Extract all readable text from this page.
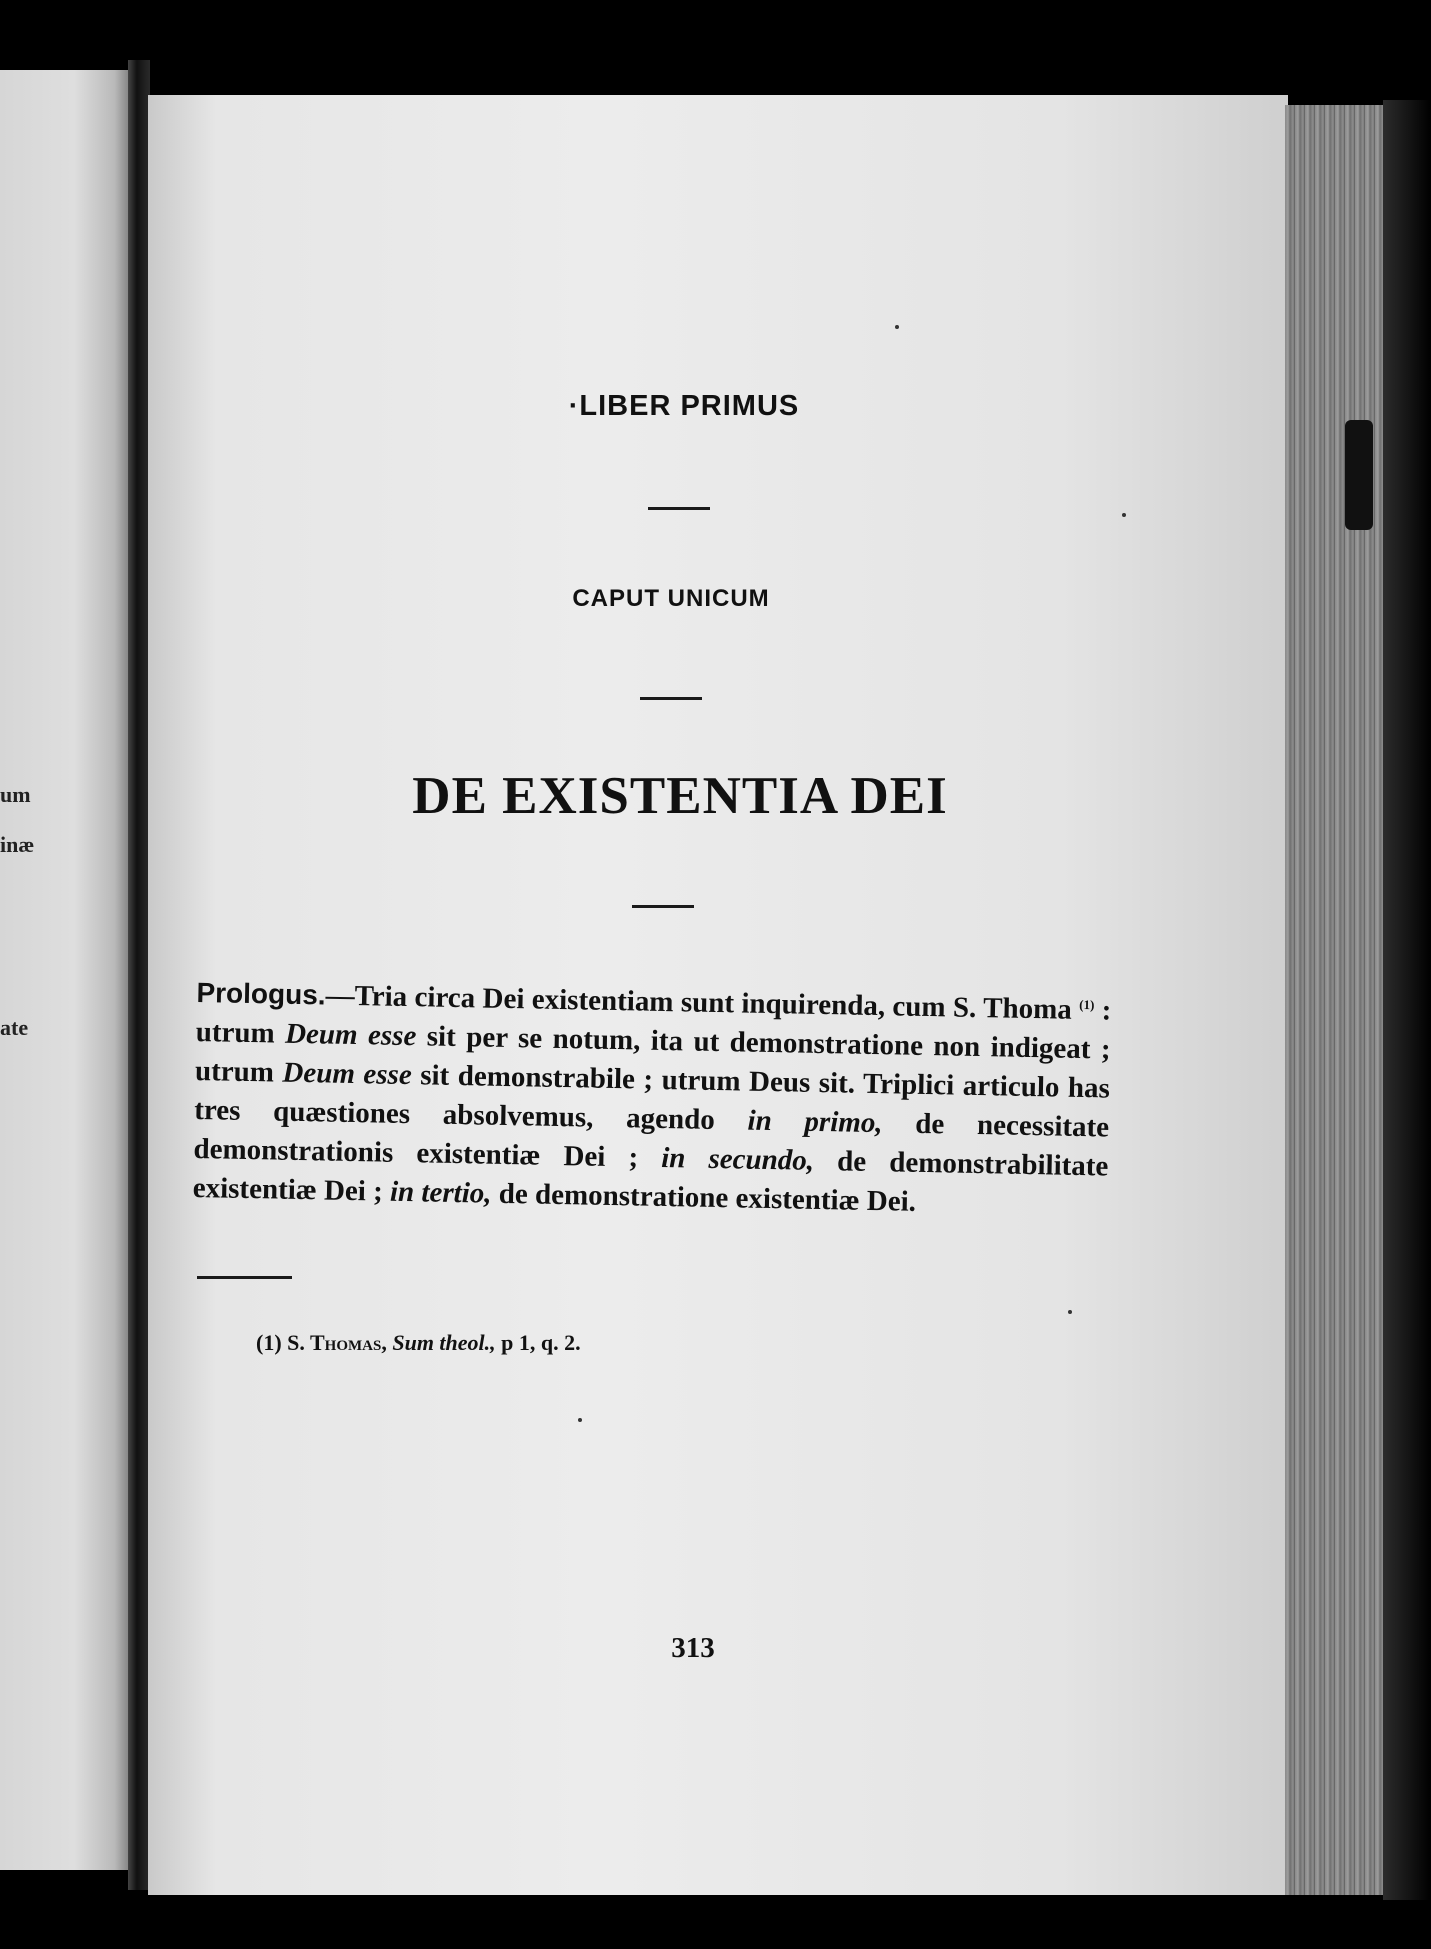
um
inæ
ate
·LIBER PRIMUS
CAPUT UNICUM
DE EXISTENTIA DEI
Prologus.—Tria circa Dei existentiam sunt inquirenda, cum S. Thoma $^{(1)}$ : utrum Deum esse sit per se notum, ita ut demonstratione non indigeat ; utrum Deum esse sit demonstrabile ; utrum Deus sit. Triplici articulo has tres quæstiones absolvemus, agendo in primo, de necessitate demonstrationis existentiæ Dei ; in secundo, de demonstrabilitate existentiæ Dei ; in tertio, de demonstratione existentiæ Dei.
(1) S. Thomas, Sum theol., p 1, q. 2.
313
